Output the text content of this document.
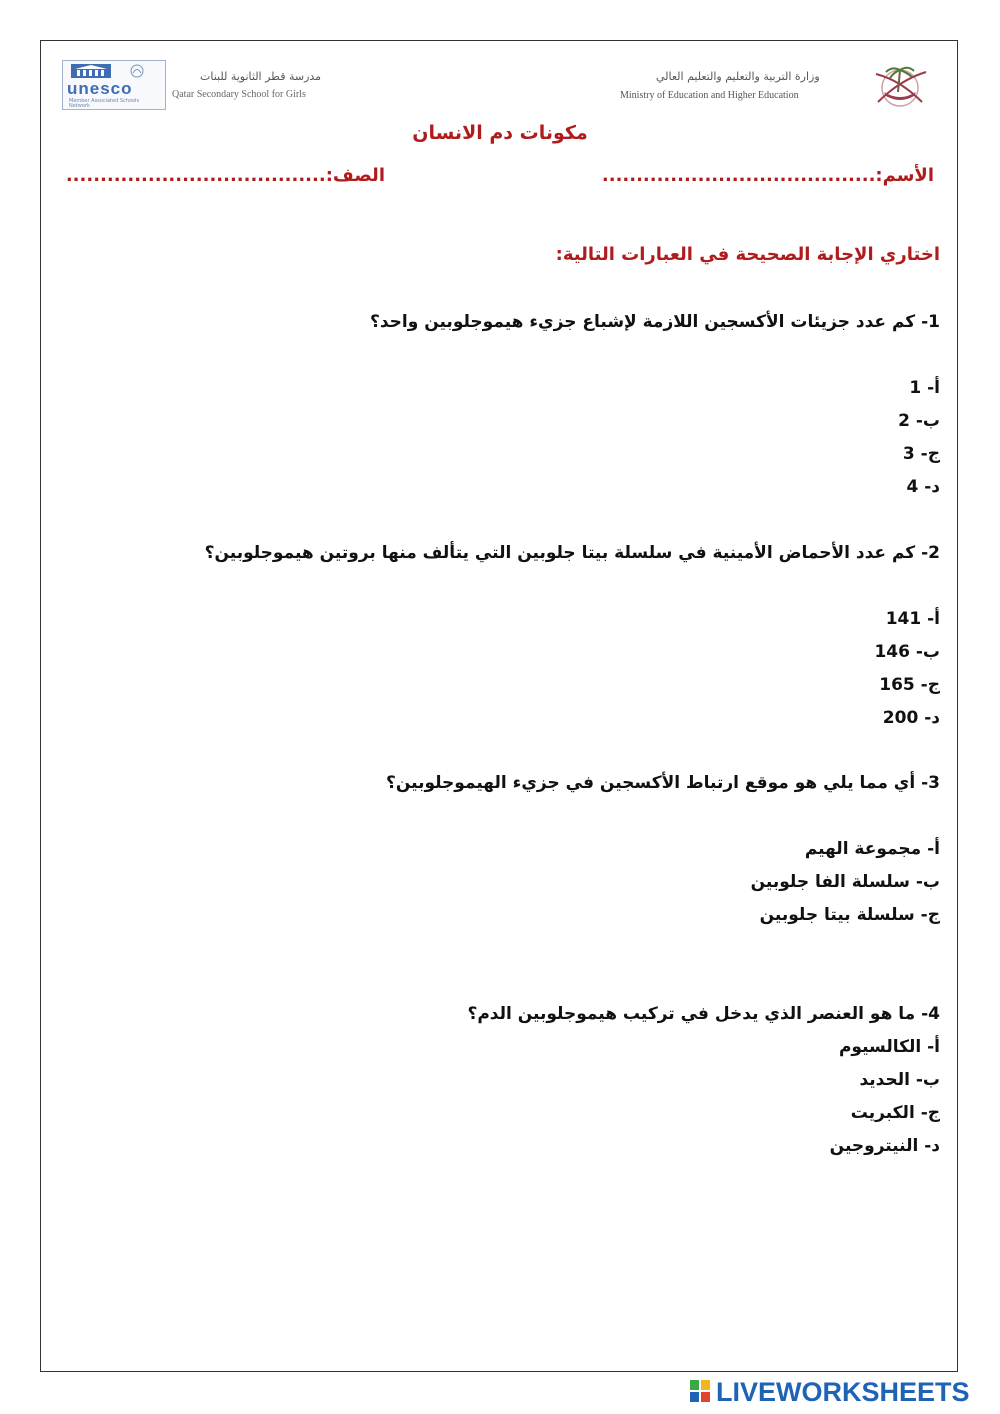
unesco
Member Associated Schools Network
مدرسة قطر الثانوية للبنات
Qatar Secondary School for Girls
وزارة التربية والتعليم والتعليم العالي
Ministry of Education and Higher Education
مكونات دم الانسان
الأسم:........................................
الصف:......................................
اختاري الإجابة الصحيحة في العبارات التالية:
1- كم عدد جزيئات الأكسجين اللازمة لإشباع جزيء هيموجلوبين واحد؟
أ- 1
ب- 2
ج- 3
د- 4
2- كم عدد الأحماض الأمينية في سلسلة بيتا جلوبين التي يتألف منها بروتين هيموجلوبين؟
أ- 141
ب- 146
ج- 165
د- 200
3- أي مما يلي هو موقع ارتباط الأكسجين في جزيء الهيموجلوبين؟
أ- مجموعة الهيم
ب- سلسلة الفا جلوبين
ج- سلسلة بيتا جلوبين
4- ما هو العنصر الذي يدخل في تركيب هيموجلوبين الدم؟
أ- الكالسيوم
ب- الحديد
ج- الكبريت
د- النيتروجين
LIVEWORKSHEETS
